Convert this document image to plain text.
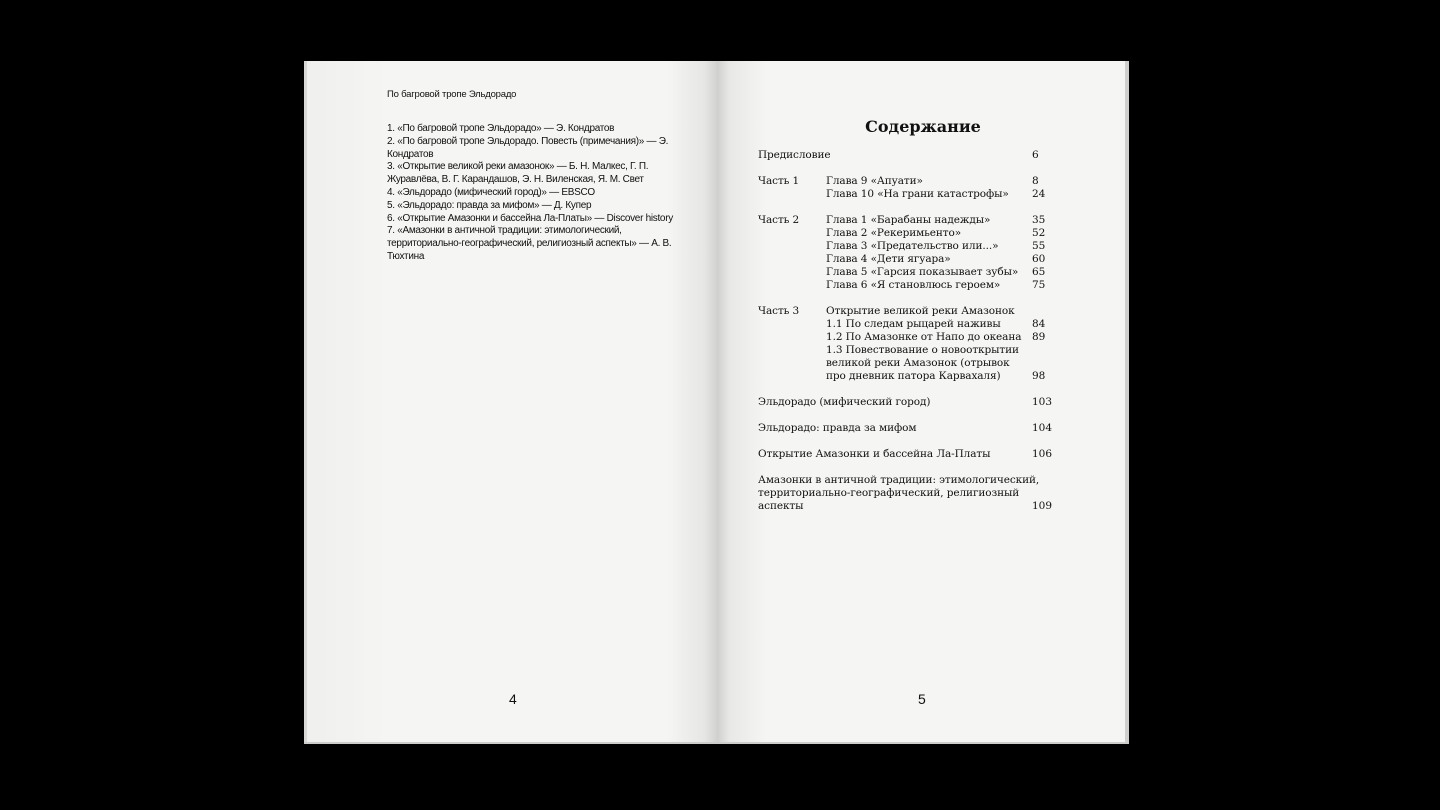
По багровой тропе Эльдорадо
1. «По багровой тропе Эльдорадо» — Э. Кондратов
2. «По багровой тропе Эльдорадо. Повесть (примечания)» — Э. Кондратов
3. «Открытие великой реки амазонок» — Б. Н. Малкес, Г. П. Журавлёва, В. Г. Карандашов, Э. Н. Виленская, Я. М. Свет
4. «Эльдорадо (мифический город)» — EBSCO
5. «Эльдорадо: правда за мифом» — Д. Купер
6. «Открытие Амазонки и бассейна Ла-Платы» — Discover history
7. «Амазонки в античной традиции: этимологический, территориально-географический, религиозный аспекты» — А. В. Тюхтина
4
Содержание
Предисловие	6
Часть 1	Глава 9 «Апуати»	8
Глава 10 «На грани катастрофы» 24
Часть 2	Глава 1 «Барабаны надежды»	35
Глава 2 «Рекеримьенто»	52
Глава 3 «Предательство или...»	55
Глава 4 «Дети ягуара»	60
Глава 5 «Гарсия показывает зубы» 65
Глава 6 «Я становлюсь героем»	75
Часть 3	Открытие великой реки Амазонок
1.1 По следам рыцарей наживы	84
1.2 По Амазонке от Напо до океана 89
1.3 Повествование о новооткрытии
великой реки Амазонок (отрывок
про дневник патора Карвахаля)	98
Эльдорадо (мифический город)	103
Эльдорадо: правда за мифом	104
Открытие Амазонки и бассейна Ла-Платы	106
Амазонки в античной традиции: этимологический,
территориально-географический, религиозный
аспекты	109
5
